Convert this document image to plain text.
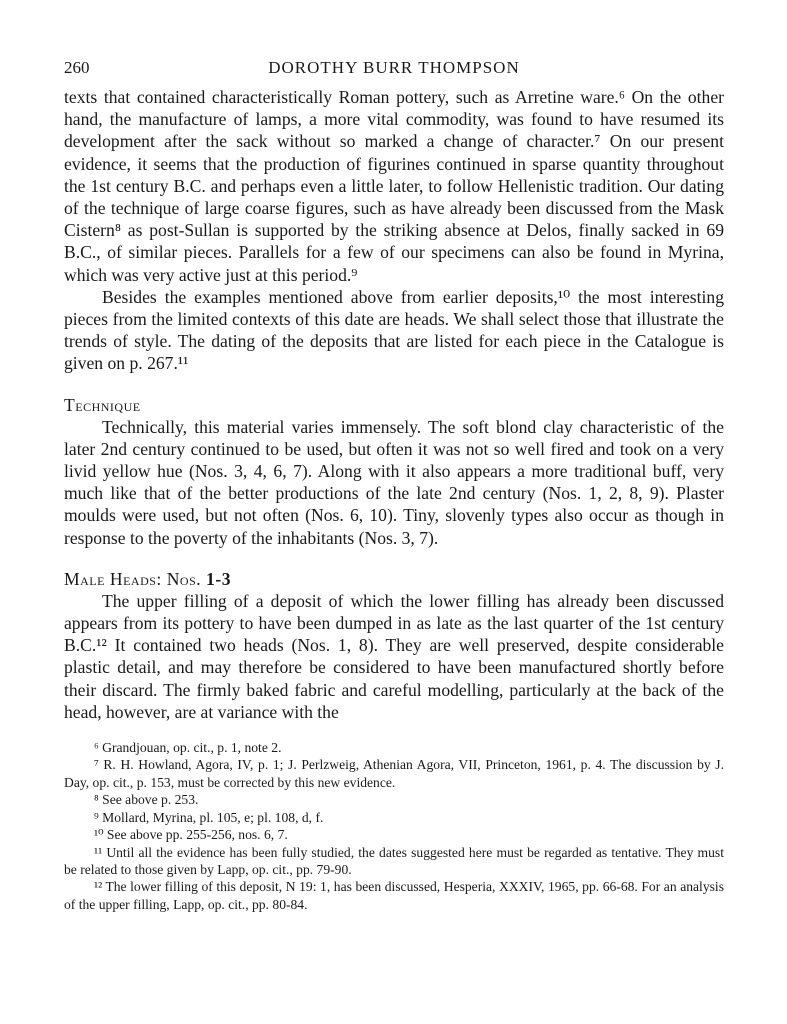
260	DOROTHY BURR THOMPSON

texts that contained characteristically Roman pottery, such as Arretine ware.⁶ On the other hand, the manufacture of lamps, a more vital commodity, was found to have resumed its development after the sack without so marked a change of character.⁷ On our present evidence, it seems that the production of figurines continued in sparse quantity throughout the 1st century B.C. and perhaps even a little later, to follow Hellenistic tradition. Our dating of the technique of large coarse figures, such as have already been discussed from the Mask Cistern⁸ as post-Sullan is supported by the striking absence at Delos, finally sacked in 69 B.C., of similar pieces. Parallels for a few of our specimens can also be found in Myrina, which was very active just at this period.⁹

Besides the examples mentioned above from earlier deposits,¹⁰ the most interesting pieces from the limited contexts of this date are heads. We shall select those that illustrate the trends of style. The dating of the deposits that are listed for each piece in the Catalogue is given on p. 267.¹¹

Technique

Technically, this material varies immensely. The soft blond clay characteristic of the later 2nd century continued to be used, but often it was not so well fired and took on a very livid yellow hue (Nos. 3, 4, 6, 7). Along with it also appears a more traditional buff, very much like that of the better productions of the late 2nd century (Nos. 1, 2, 8, 9). Plaster moulds were used, but not often (Nos. 6, 10). Tiny, slovenly types also occur as though in response to the poverty of the inhabitants (Nos. 3, 7).

Male Heads: Nos. 1-3

The upper filling of a deposit of which the lower filling has already been discussed appears from its pottery to have been dumped in as late as the last quarter of the 1st century B.C.¹² It contained two heads (Nos. 1, 8). They are well preserved, despite considerable plastic detail, and may therefore be considered to have been manufactured shortly before their discard. The firmly baked fabric and careful modelling, particularly at the back of the head, however, are at variance with the

⁶ Grandjouan, op. cit., p. 1, note 2.

⁷ R. H. Howland, Agora, IV, p. 1; J. Perlzweig, Athenian Agora, VII, Princeton, 1961, p. 4. The discussion by J. Day, op. cit., p. 153, must be corrected by this new evidence.

⁸ See above p. 253.

⁹ Mollard, Myrina, pl. 105, e; pl. 108, d, f.

¹⁰ See above pp. 255-256, nos. 6, 7.

¹¹ Until all the evidence has been fully studied, the dates suggested here must be regarded as tentative. They must be related to those given by Lapp, op. cit., pp. 79-90.

¹² The lower filling of this deposit, N 19: 1, has been discussed, Hesperia, XXXIV, 1965, pp. 66-68. For an analysis of the upper filling, Lapp, op. cit., pp. 80-84.
